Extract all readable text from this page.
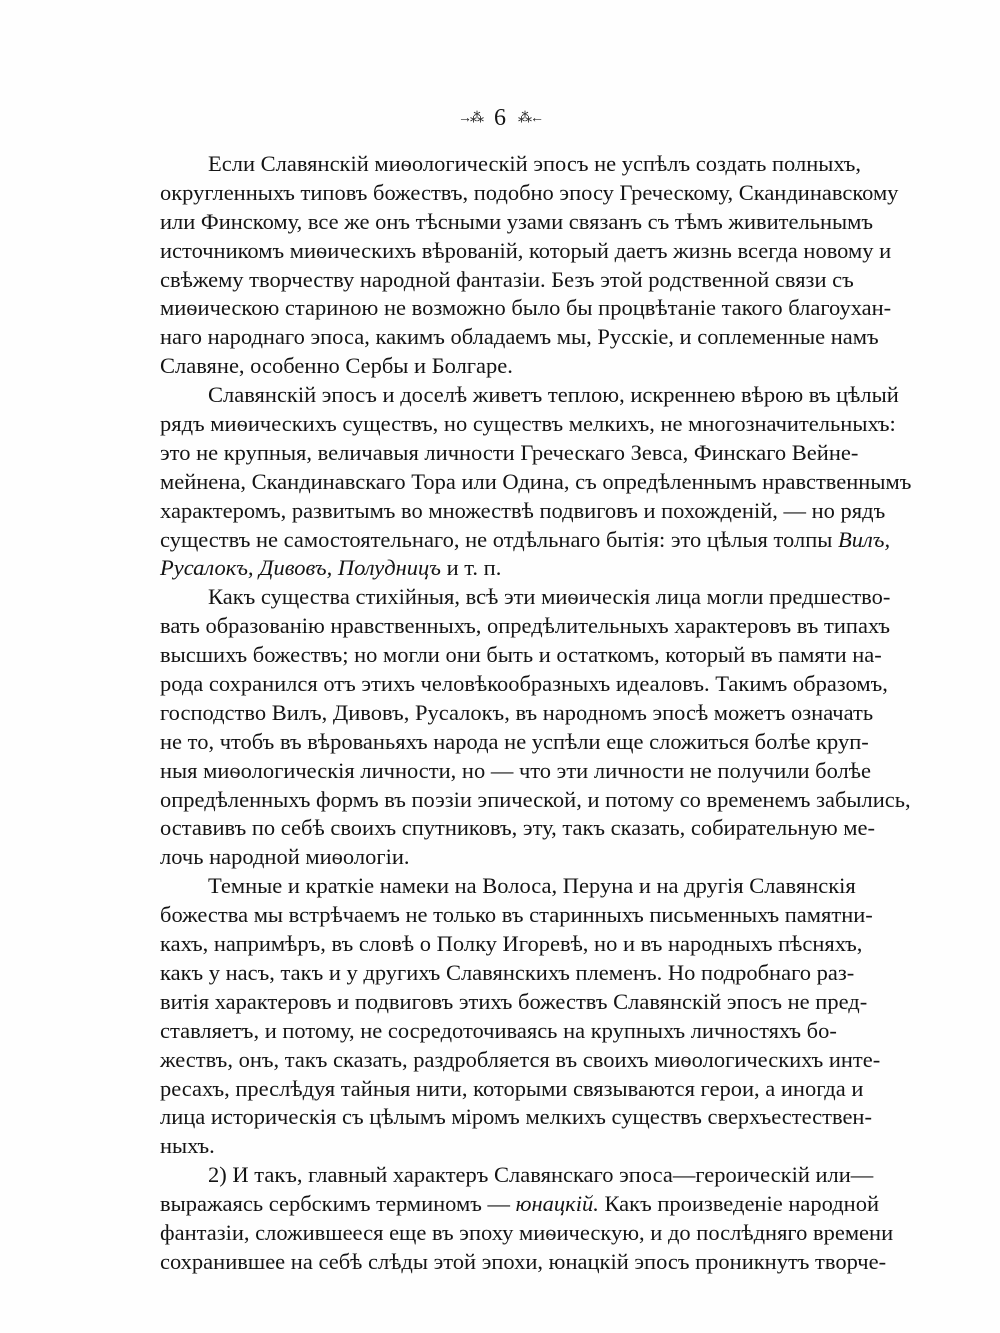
→⁂ 6 ⁂←
Если Славянскій миѳологическій эпосъ не успѣлъ создать полныхъ,
округленныхъ типовъ божествъ, подобно эпосу Греческому, Скандинавскому
или Финскому, все же онъ тѣсными узами связанъ съ тѣмъ живительнымъ
источникомъ миѳическихъ вѣрованій, который даетъ жизнь всегда новому и
свѣжему творчеству народной фантазіи. Безъ этой родственной связи съ
миѳическою стариною не возможно было бы процвѣтаніе такого благоухан-
наго народнаго эпоса, какимъ обладаемъ мы, Русскіе, и соплеменные намъ
Славяне, особенно Сербы и Болгаре.
Славянскій эпосъ и доселѣ живетъ теплою, искреннею вѣрою въ цѣлый
рядъ миѳическихъ существъ, но существъ мелкихъ, не многозначительныхъ:
это не крупныя, величавыя личности Греческаго Зевса, Финскаго Вейне-
мейнена, Скандинавскаго Тора или Одина, съ опредѣленнымъ нравственнымъ
характеромъ, развитымъ во множествѣ подвиговъ и похожденій, — но рядъ
существъ не самостоятельнаго, не отдѣльнаго бытія: это цѣлыя толпы Вилъ,
Русалокъ, Дивовъ, Полудницъ и т. п.
Какъ существа стихійныя, всѣ эти миѳическія лица могли предшество-
вать образованію нравственныхъ, опредѣлительныхъ характеровъ въ типахъ
высшихъ божествъ; но могли они быть и остаткомъ, который въ памяти на-
рода сохранился отъ этихъ человѣкообразныхъ идеаловъ. Такимъ образомъ,
господство Вилъ, Дивовъ, Русалокъ, въ народномъ эпосѣ можетъ означать
не то, чтобъ въ вѣрованьяхъ народа не успѣли еще сложиться болѣе круп-
ныя миѳологическія личности, но — что эти личности не получили болѣе
опредѣленныхъ формъ въ поэзіи эпической, и потому со временемъ забылись,
оставивъ по себѣ своихъ спутниковъ, эту, такъ сказать, собирательную ме-
лочь народной миѳологіи.
Темные и краткіе намеки на Волоса, Перуна и на другія Славянскія
божества мы встрѣчаемъ не только въ старинныхъ письменныхъ памятни-
кахъ, напримѣръ, въ словѣ о Полку Игоревѣ, но и въ народныхъ пѣсняхъ,
какъ у насъ, такъ и у другихъ Славянскихъ племенъ. Но подробнаго раз-
витія характеровъ и подвиговъ этихъ божествъ Славянскій эпосъ не пред-
ставляетъ, и потому, не сосредоточиваясь на крупныхъ личностяхъ бо-
жествъ, онъ, такъ сказать, раздробляется въ своихъ миѳологическихъ инте-
ресахъ, преслѣдуя тайныя нити, которыми связываются герои, а иногда и
лица историческія съ цѣлымъ міромъ мелкихъ существъ сверхъестествен-
ныхъ.
2) И такъ, главный характеръ Славянскаго эпоса—героическій или—
выражаясь сербскимъ терминомъ — юнацкій. Какъ произведеніе народной
фантазіи, сложившееся еще въ эпоху миѳическую, и до послѣдняго времени
сохранившее на себѣ слѣды этой эпохи, юнацкій эпосъ проникнутъ творче-
